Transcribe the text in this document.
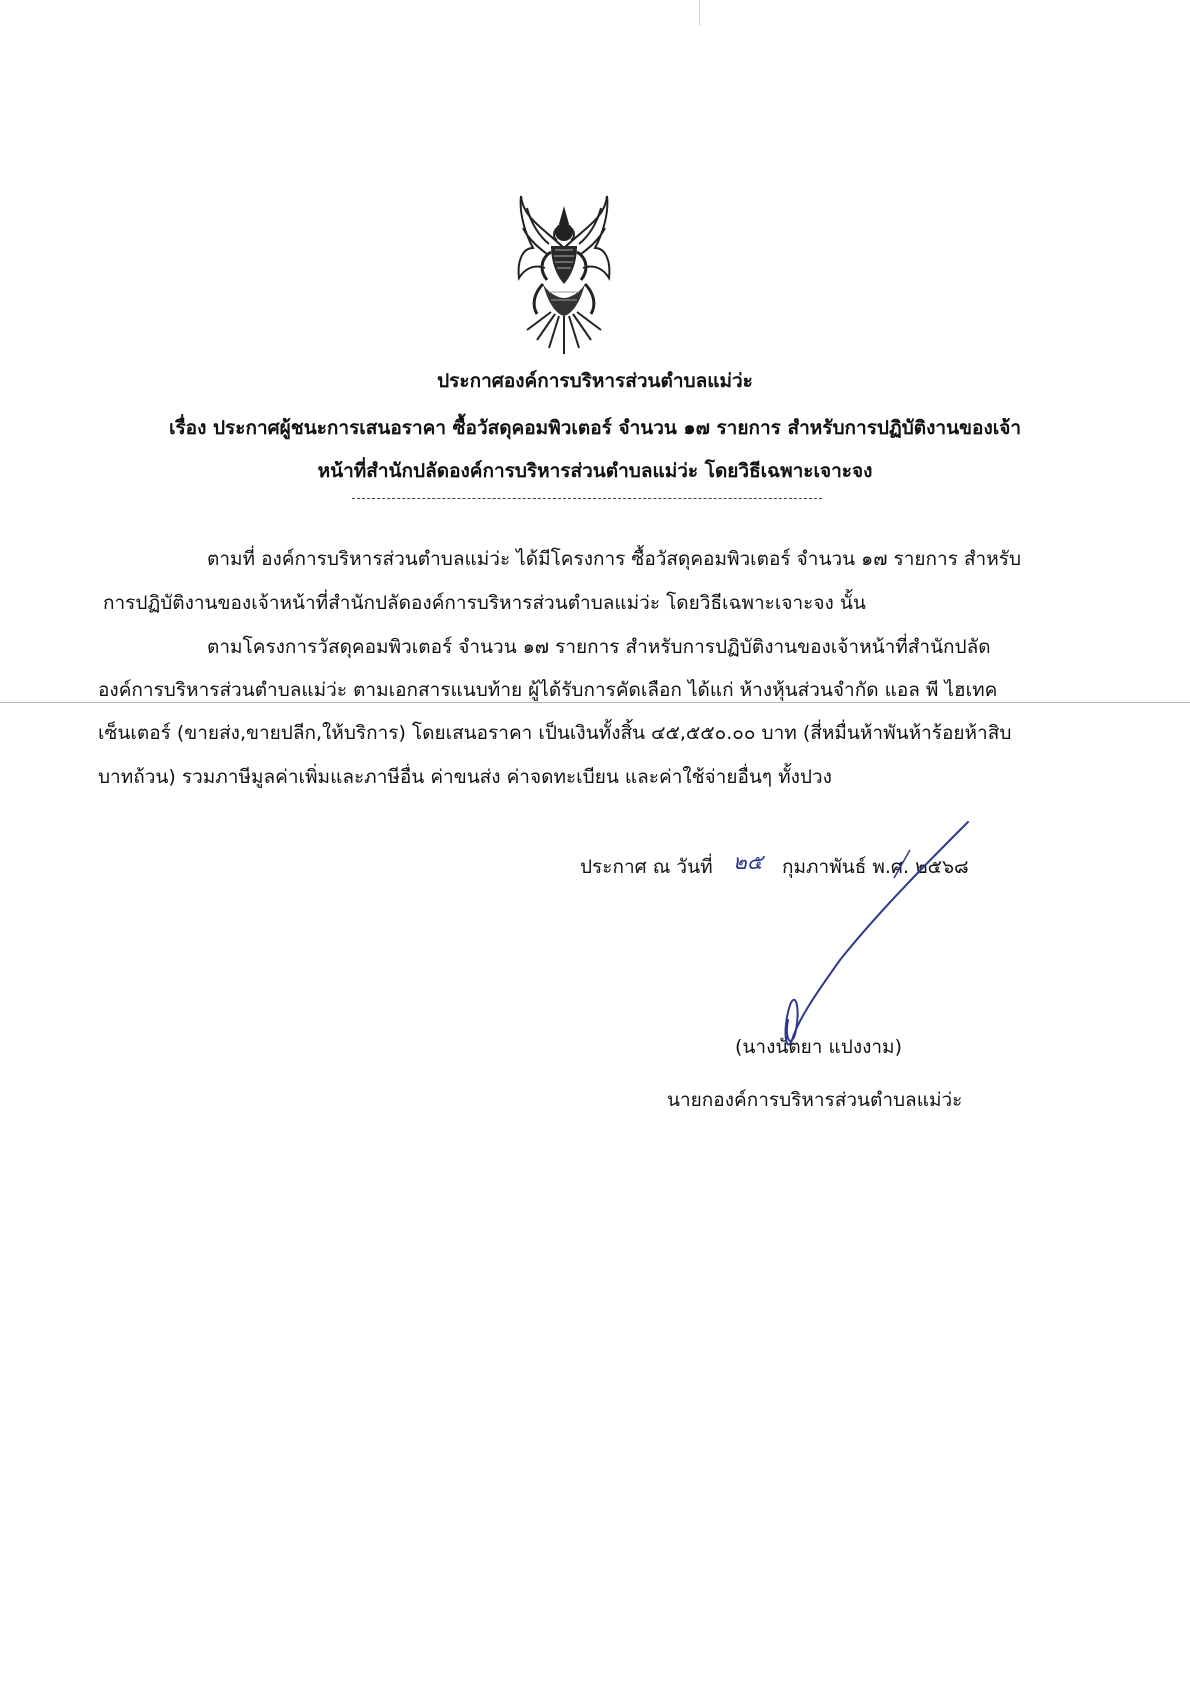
ประกาศองค์การบริหารส่วนตำบลแม่ว่ะ
เรื่อง ประกาศผู้ชนะการเสนอราคา ซื้อวัสดุคอมพิวเตอร์ จำนวน ๑๗ รายการ สำหรับการปฏิบัติงานของเจ้า
หน้าที่สำนักปลัดองค์การบริหารส่วนตำบลแม่ว่ะ โดยวิธีเฉพาะเจาะจง
ตามที่ องค์การบริหารส่วนตำบลแม่ว่ะ ได้มีโครงการ ซื้อวัสดุคอมพิวเตอร์ จำนวน ๑๗ รายการ สำหรับ
การปฏิบัติงานของเจ้าหน้าที่สำนักปลัดองค์การบริหารส่วนตำบลแม่ว่ะ โดยวิธีเฉพาะเจาะจง นั้น
ตามโครงการวัสดุคอมพิวเตอร์ จำนวน ๑๗ รายการ สำหรับการปฏิบัติงานของเจ้าหน้าที่สำนักปลัด
องค์การบริหารส่วนตำบลแม่ว่ะ ตามเอกสารแนบท้าย ผู้ได้รับการคัดเลือก ได้แก่ ห้างหุ้นส่วนจำกัด แอล พี ไฮเทค
เซ็นเตอร์ (ขายส่ง,ขายปลีก,ให้บริการ) โดยเสนอราคา เป็นเงินทั้งสิ้น ๔๕,๕๕๐.๐๐ บาท (สี่หมื่นห้าพันห้าร้อยห้าสิบ
บาทถ้วน) รวมภาษีมูลค่าเพิ่มและภาษีอื่น ค่าขนส่ง ค่าจดทะเบียน และค่าใช้จ่ายอื่นๆ ทั้งปวง
ประกาศ ณ วันที่ ๒๕ กุมภาพันธ์ พ.ศ. ๒๕๖๘
(นางนัตยา แปงงาม)
นายกองค์การบริหารส่วนตำบลแม่ว่ะ
